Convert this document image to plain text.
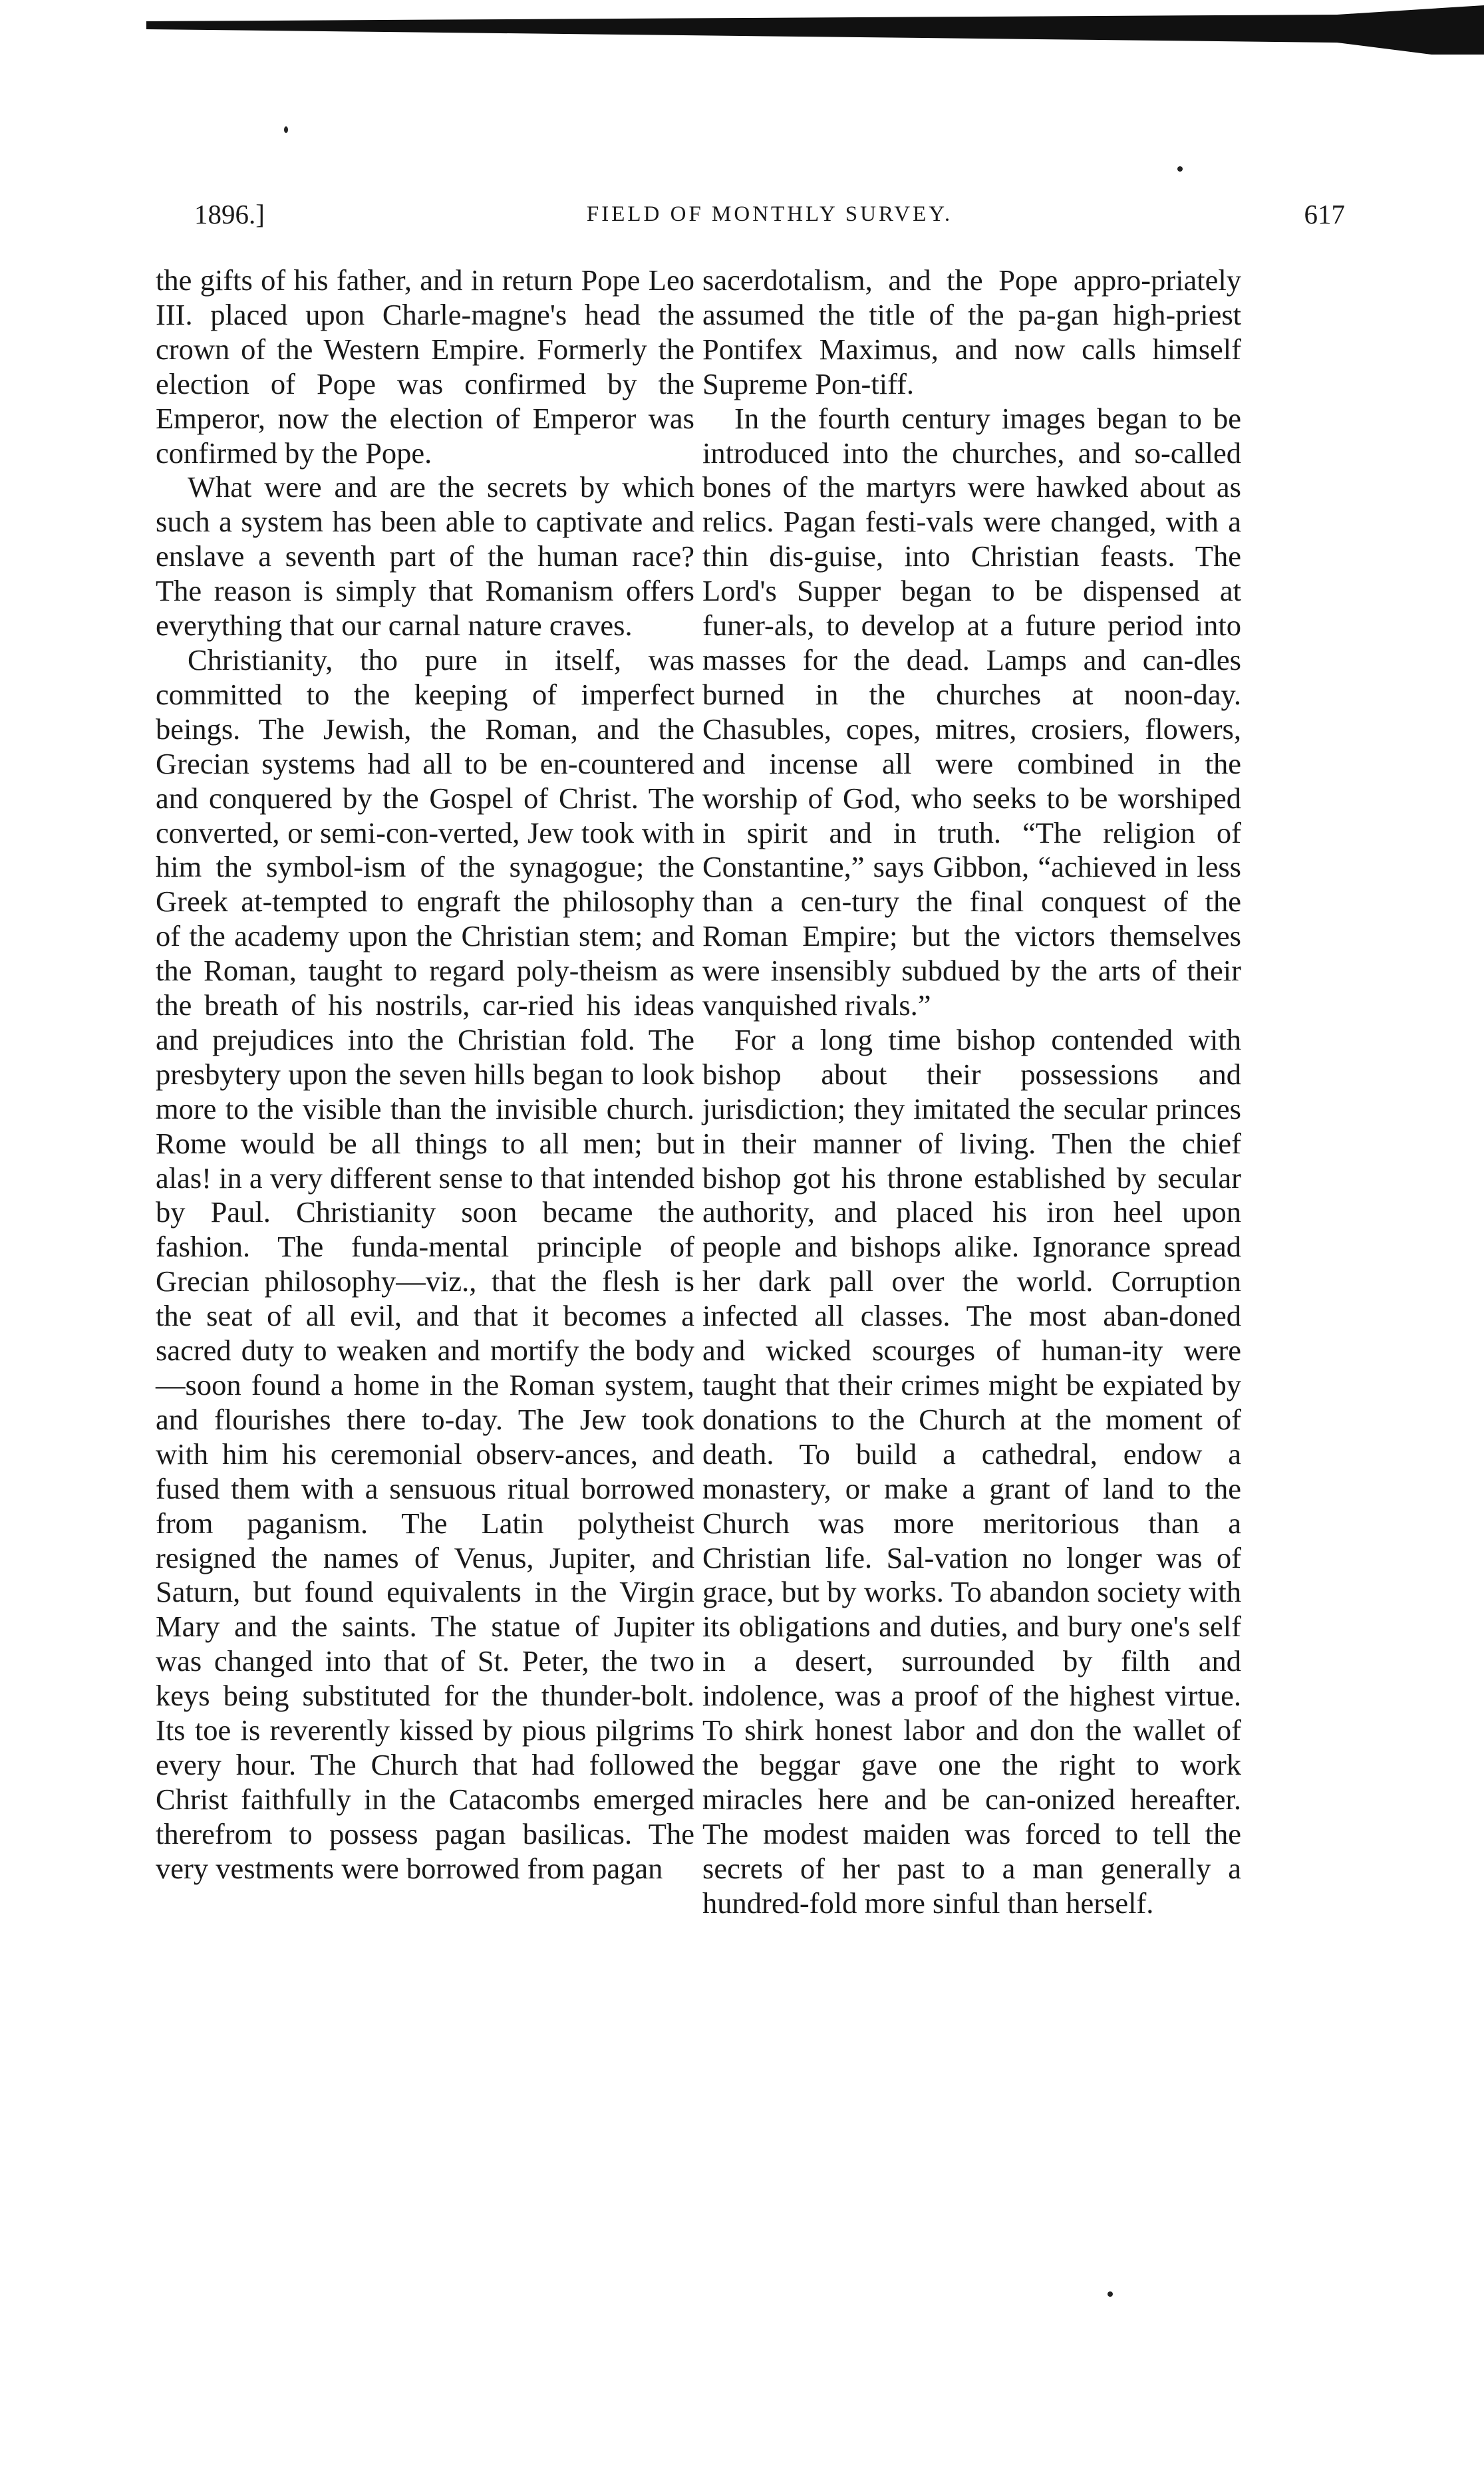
1896.]	FIELD OF MONTHLY SURVEY.	617

the gifts of his father, and in return Pope Leo III. placed upon Charle-magne's head the crown of the Western Empire. Formerly the election of Pope was confirmed by the Emperor, now the election of Emperor was confirmed by the Pope.

What were and are the secrets by which such a system has been able to captivate and enslave a seventh part of the human race? The reason is simply that Romanism offers everything that our carnal nature craves.

Christianity, tho pure in itself, was committed to the keeping of imperfect beings. The Jewish, the Roman, and the Grecian systems had all to be en-countered and conquered by the Gospel of Christ. The converted, or semi-con-verted, Jew took with him the symbol-ism of the synagogue; the Greek at-tempted to engraft the philosophy of the academy upon the Christian stem; and the Roman, taught to regard poly-theism as the breath of his nostrils, car-ried his ideas and prejudices into the Christian fold. The presbytery upon the seven hills began to look more to the visible than the invisible church. Rome would be all things to all men; but alas! in a very different sense to that intended by Paul. Christianity soon became the fashion. The funda-mental principle of Grecian philosophy—viz., that the flesh is the seat of all evil, and that it becomes a sacred duty to weaken and mortify the body—soon found a home in the Roman system, and flourishes there to-day. The Jew took with him his ceremonial observ-ances, and fused them with a sensuous ritual borrowed from paganism. The Latin polytheist resigned the names of Venus, Jupiter, and Saturn, but found equivalents in the Virgin Mary and the saints. The statue of Jupiter was changed into that of St. Peter, the two keys being substituted for the thunder-bolt. Its toe is reverently kissed by pious pilgrims every hour. The Church that had followed Christ faithfully in the Catacombs emerged therefrom to possess pagan basilicas. The very vestments were borrowed from pagan

sacerdotalism, and the Pope appro-priately assumed the title of the pa-gan high-priest Pontifex Maximus, and now calls himself Supreme Pon-tiff.

In the fourth century images began to be introduced into the churches, and so-called bones of the martyrs were hawked about as relics. Pagan festi-vals were changed, with a thin dis-guise, into Christian feasts. The Lord's Supper began to be dispensed at funer-als, to develop at a future period into masses for the dead. Lamps and can-dles burned in the churches at noon-day. Chasubles, copes, mitres, crosiers, flowers, and incense all were combined in the worship of God, who seeks to be worshiped in spirit and in truth. “The religion of Constantine,” says Gibbon, “achieved in less than a cen-tury the final conquest of the Roman Empire; but the victors themselves were insensibly subdued by the arts of their vanquished rivals.”

For a long time bishop contended with bishop about their possessions and jurisdiction; they imitated the secular princes in their manner of living. Then the chief bishop got his throne established by secular authority, and placed his iron heel upon people and bishops alike. Ignorance spread her dark pall over the world. Corruption infected all classes. The most aban-doned and wicked scourges of human-ity were taught that their crimes might be expiated by donations to the Church at the moment of death. To build a cathedral, endow a monastery, or make a grant of land to the Church was more meritorious than a Christian life. Sal-vation no longer was of grace, but by works. To abandon society with its obligations and duties, and bury one's self in a desert, surrounded by filth and indolence, was a proof of the highest virtue. To shirk honest labor and don the wallet of the beggar gave one the right to work miracles here and be can-onized hereafter. The modest maiden was forced to tell the secrets of her past to a man generally a hundred-fold more sinful than herself.
